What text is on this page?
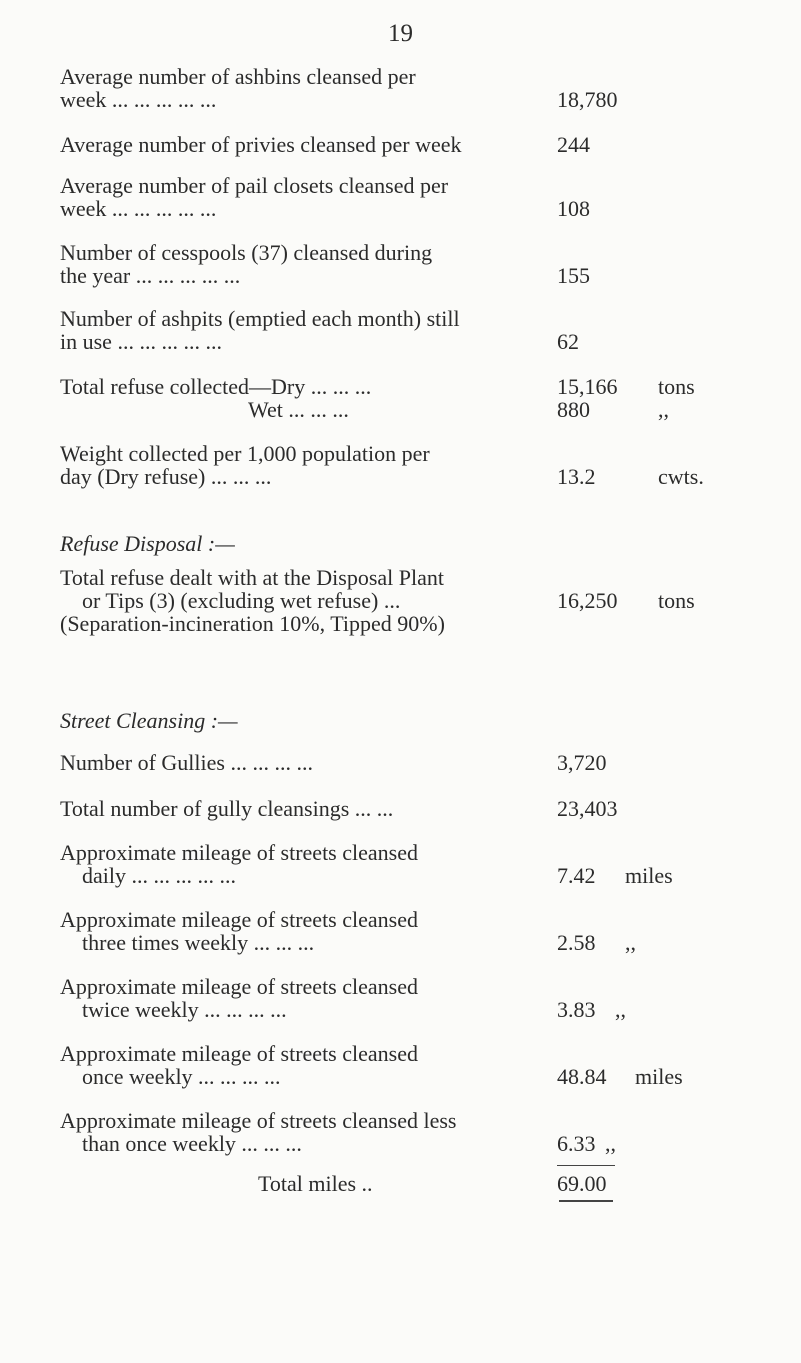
19
Average number of ashbins cleansed per
week ... ... ... ... ...	18,780
Average number of privies cleansed per week	244
Average number of pail closets cleansed per
week ... ... ... ... ...	108
Number of cesspools (37) cleansed during
the year ... ... ... ... ...	155
Number of ashpits (emptied each month) still
in use ... ... ... ... ...	62
Total refuse collected—Dry ... ... ...	15,166 tons
Wet ... ... ...	880	,,
Weight collected per 1,000 population per
day (Dry refuse) ... ... ...	13.2	cwts.
Refuse Disposal :—
Total refuse dealt with at the Disposal Plant
or Tips (3) (excluding wet refuse) ...
(Separation-incineration 10%, Tipped 90%)
16,250 tons
Street Cleansing :—
Number of Gullies ... ... ... ...	3,720
Total number of gully cleansings ... ...	23,403
Approximate mileage of streets cleansed
daily ... ... ... ... ...	7.42 miles
Approximate mileage of streets cleansed
three times weekly ... ... ...	2.58 ,,
Approximate mileage of streets cleansed
twice weekly ... ... ... ...	3.83 ,,
Approximate mileage of streets cleansed
once weekly ... ... ... ...	48.84 miles
Approximate mileage of streets cleansed less
than once weekly ... ... ...	6.33 ,,
Total miles ..	69.00
